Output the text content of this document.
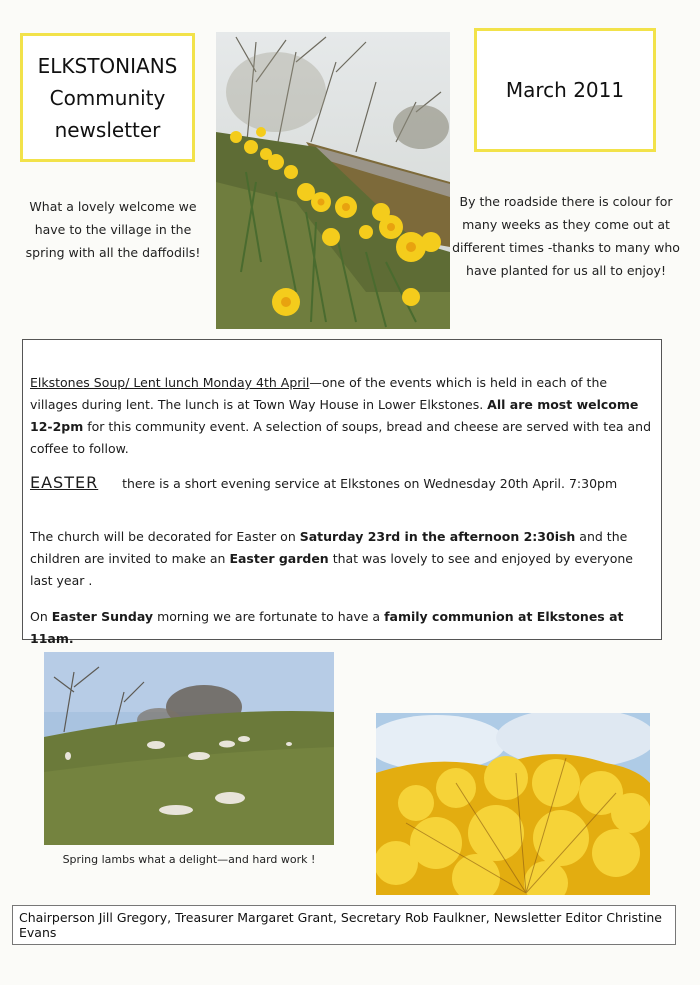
ELKSTONIANS
Community
newsletter
March 2011
What a lovely welcome we
have to the village in the
spring with all the daffodils!
By the roadside there is colour for
many weeks as they come out at
different times -thanks to many who
have planted for us all to enjoy!

Elkstones Soup/ Lent lunch Monday 4th April—one of the events which is held in each of the villages during lent. The lunch is at Town Way House in Lower Elkstones. All are most welcome 12-2pm for this community event. A selection of soups, bread and cheese are served with tea and coffee to follow.

EASTER there is a short evening service at Elkstones on Wednesday 20th April. 7:30pm

The church will be decorated for Easter on Saturday 23rd in the afternoon 2:30ish and the children are invited to make an Easter garden that was lovely to see and enjoyed by everyone last year .

On Easter Sunday morning we are fortunate to have a family communion at Elkstones at 11am.

Spring lambs what a delight—and hard work !
Chairperson Jill Gregory, Treasurer Margaret Grant, Secretary Rob Faulkner, Newsletter Editor Christine Evans
